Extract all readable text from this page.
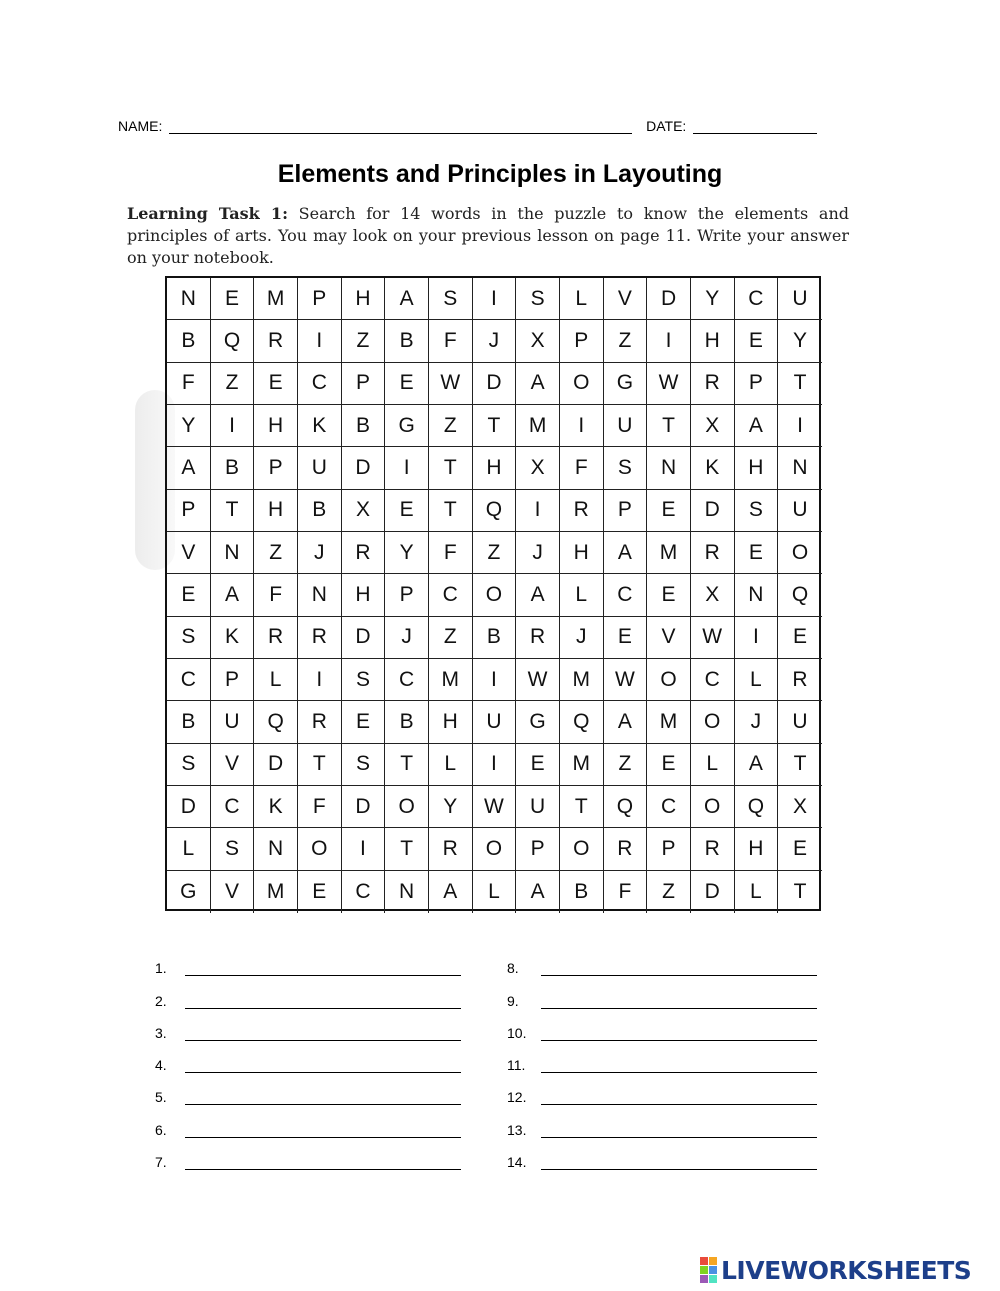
NAME:	DATE:
Elements and Principles in Layouting
Learning Task 1: Search for 14 words in the puzzle to know the elements and principles of arts. You may look on your previous lesson on page 11. Write your answer on your notebook.
N	E	M	P	H	A	S	I	S	L	V	D	Y	C	U
B	Q	R	I	Z	B	F	J	X	P	Z	I	H	E	Y
F	Z	E	C	P	E	W	D	A	O	G	W	R	P	T
Y	I	H	K	B	G	Z	T	M	I	U	T	X	A	I
A	B	P	U	D	I	T	H	X	F	S	N	K	H	N
P	T	H	B	X	E	T	Q	I	R	P	E	D	S	U
V	N	Z	J	R	Y	F	Z	J	H	A	M	R	E	O
E	A	F	N	H	P	C	O	A	L	C	E	X	N	Q
S	K	R	R	D	J	Z	B	R	J	E	V	W	I	E
C	P	L	I	S	C	M	I	W	M	W	O	C	L	R
B	U	Q	R	E	B	H	U	G	Q	A	M	O	J	U
S	V	D	T	S	T	L	I	E	M	Z	E	L	A	T
D	C	K	F	D	O	Y	W	U	T	Q	C	O	Q	X
L	S	N	O	I	T	R	O	P	O	R	P	R	H	E
G	V	M	E	C	N	A	L	A	B	F	Z	D	L	T
1.
2.
3.
4.
5.
6.
7.
8.
9.
10.
11.
12.
13.
14.
LIVEWORKSHEETS
